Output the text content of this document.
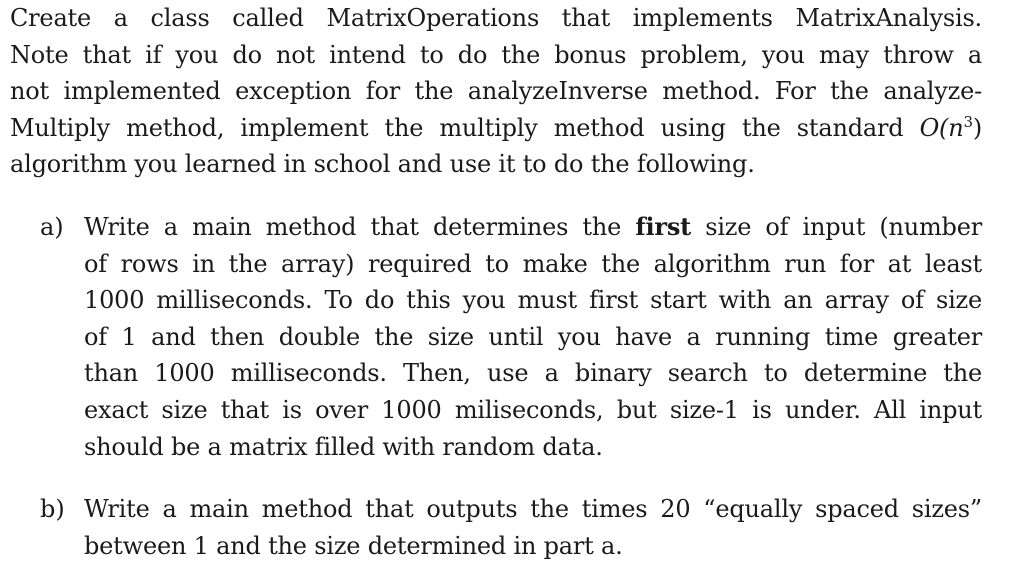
Create a class called MatrixOperations that implements MatrixAnalysis.
Note that if you do not intend to do the bonus problem, you may throw a
not implemented exception for the analyzeInverse method. For the analyze-
Multiply method, implement the multiply method using the standard $O(n^3)$
algorithm you learned in school and use it to do the following.
a) Write a main method that determines the first size of input (number
of rows in the array) required to make the algorithm run for at least
1000 milliseconds. To do this you must first start with an array of size
of 1 and then double the size until you have a running time greater
than 1000 milliseconds. Then, use a binary search to determine the
exact size that is over 1000 miliseconds, but size-1 is under. All input
should be a matrix filled with random data.
b) Write a main method that outputs the times 20 “equally spaced sizes”
between 1 and the size determined in part a.
